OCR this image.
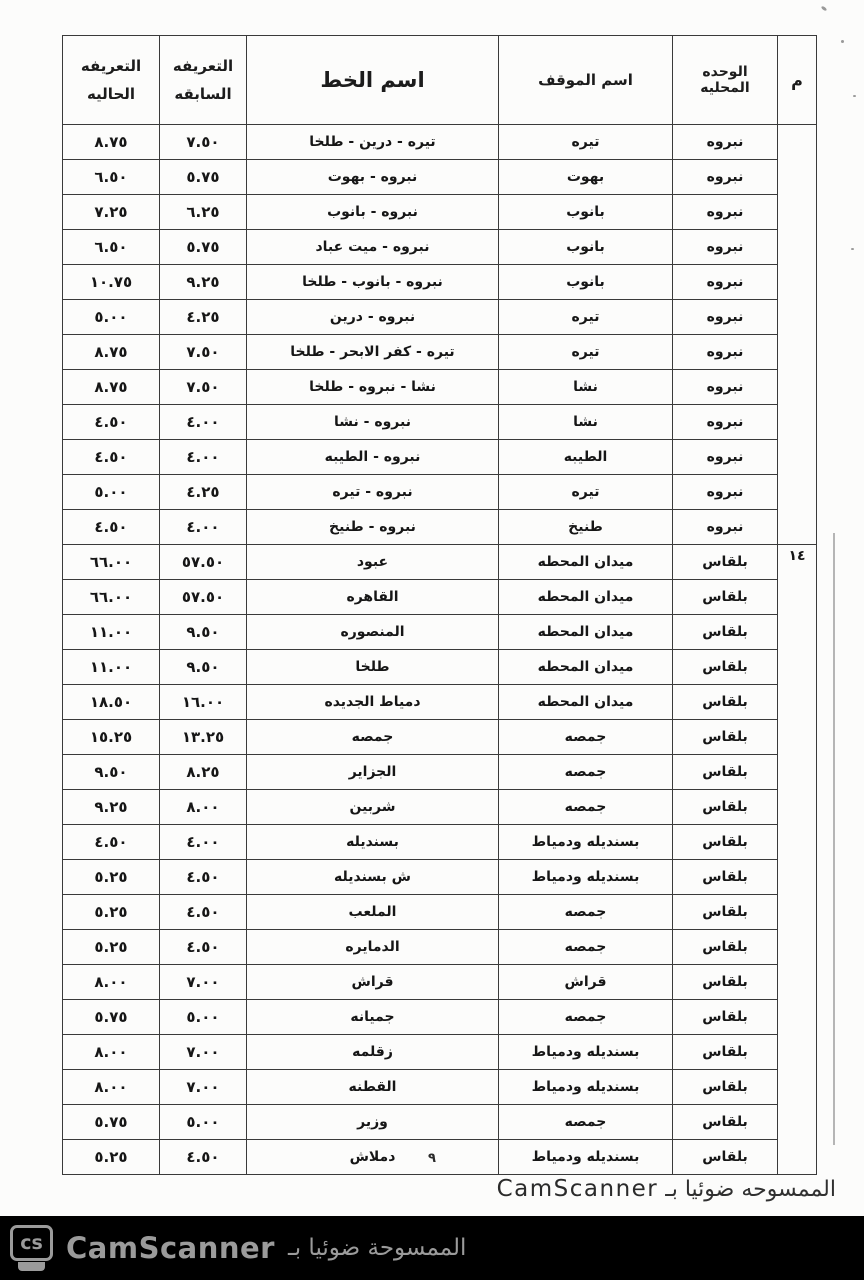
م	الوحده المحليه	اسم الموقف	اسم الخط	التعريفه السابقه	التعريفه الحاليه
	نبروه	تيره	تيره - درين - طلخا	٧.٥٠	٨.٧٥
	نبروه	بهوت	نبروه - بهوت	٥.٧٥	٦.٥٠
	نبروه	بانوب	نبروه - بانوب	٦.٢٥	٧.٢٥
	نبروه	بانوب	نبروه - ميت عباد	٥.٧٥	٦.٥٠
	نبروه	بانوب	نبروه - بانوب - طلخا	٩.٢٥	١٠.٧٥
	نبروه	تيره	نبروه - درين	٤.٢٥	٥.٠٠
	نبروه	تيره	تيره - كفر الابحر - طلخا	٧.٥٠	٨.٧٥
	نبروه	نشا	نشا - نبروه - طلخا	٧.٥٠	٨.٧٥
	نبروه	نشا	نبروه - نشا	٤.٠٠	٤.٥٠
	نبروه	الطيبه	نبروه - الطيبه	٤.٠٠	٤.٥٠
	نبروه	تيره	نبروه - تيره	٤.٢٥	٥.٠٠
	نبروه	طنيخ	نبروه - طنيخ	٤.٠٠	٤.٥٠
١٤	بلقاس	ميدان المحطه	عبود	٥٧.٥٠	٦٦.٠٠
	بلقاس	ميدان المحطه	القاهره	٥٧.٥٠	٦٦.٠٠
	بلقاس	ميدان المحطه	المنصوره	٩.٥٠	١١.٠٠
	بلقاس	ميدان المحطه	طلخا	٩.٥٠	١١.٠٠
	بلقاس	ميدان المحطه	دمياط الجديده	١٦.٠٠	١٨.٥٠
	بلقاس	جمصه	جمصه	١٣.٢٥	١٥.٢٥
	بلقاس	جمصه	الجزاير	٨.٢٥	٩.٥٠
	بلقاس	جمصه	شربين	٨.٠٠	٩.٢٥
	بلقاس	بسنديله ودمياط	بسنديله	٤.٠٠	٤.٥٠
	بلقاس	بسنديله ودمياط	ش بسنديله	٤.٥٠	٥.٢٥
	بلقاس	جمصه	الملعب	٤.٥٠	٥.٢٥
	بلقاس	جمصه	الدمايره	٤.٥٠	٥.٢٥
	بلقاس	قراش	قراش	٧.٠٠	٨.٠٠
	بلقاس	جمصه	جميانه	٥.٠٠	٥.٧٥
	بلقاس	بسنديله ودمياط	زقلمه	٧.٠٠	٨.٠٠
	بلقاس	بسنديله ودمياط	القطنه	٧.٠٠	٨.٠٠
	بلقاس	جمصه	وزير	٥.٠٠	٥.٧٥
	بلقاس	بسنديله ودمياط	دملاش	٤.٥٠	٥.٢٥	٩
الممسوحه ضوئيا بـ CamScanner
cs CamScanner الممسوحة ضوئيا بـ
